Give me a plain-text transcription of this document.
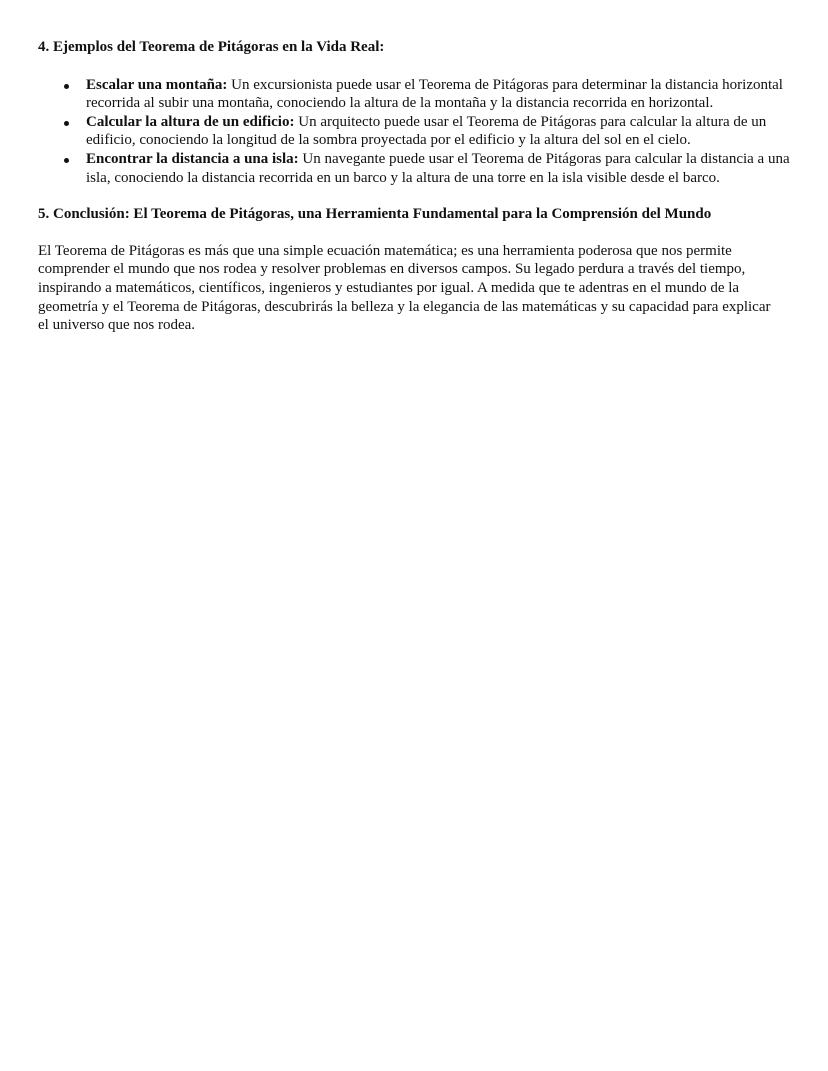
4. Ejemplos del Teorema de Pitágoras en la Vida Real:
Escalar una montaña: Un excursionista puede usar el Teorema de Pitágoras para determinar la distancia horizontal recorrida al subir una montaña, conociendo la altura de la montaña y la distancia recorrida en horizontal.
Calcular la altura de un edificio: Un arquitecto puede usar el Teorema de Pitágoras para calcular la altura de un edificio, conociendo la longitud de la sombra proyectada por el edificio y la altura del sol en el cielo.
Encontrar la distancia a una isla: Un navegante puede usar el Teorema de Pitágoras para calcular la distancia a una isla, conociendo la distancia recorrida en un barco y la altura de una torre en la isla visible desde el barco.
5. Conclusión: El Teorema de Pitágoras, una Herramienta Fundamental para la Comprensión del Mundo

El Teorema de Pitágoras es más que una simple ecuación matemática; es una herramienta poderosa que nos permite comprender el mundo que nos rodea y resolver problemas en diversos campos. Su legado perdura a través del tiempo, inspirando a matemáticos, científicos, ingenieros y estudiantes por igual. A medida que te adentras en el mundo de la geometría y el Teorema de Pitágoras, descubrirás la belleza y la elegancia de las matemáticas y su capacidad para explicar el universo que nos rodea.
